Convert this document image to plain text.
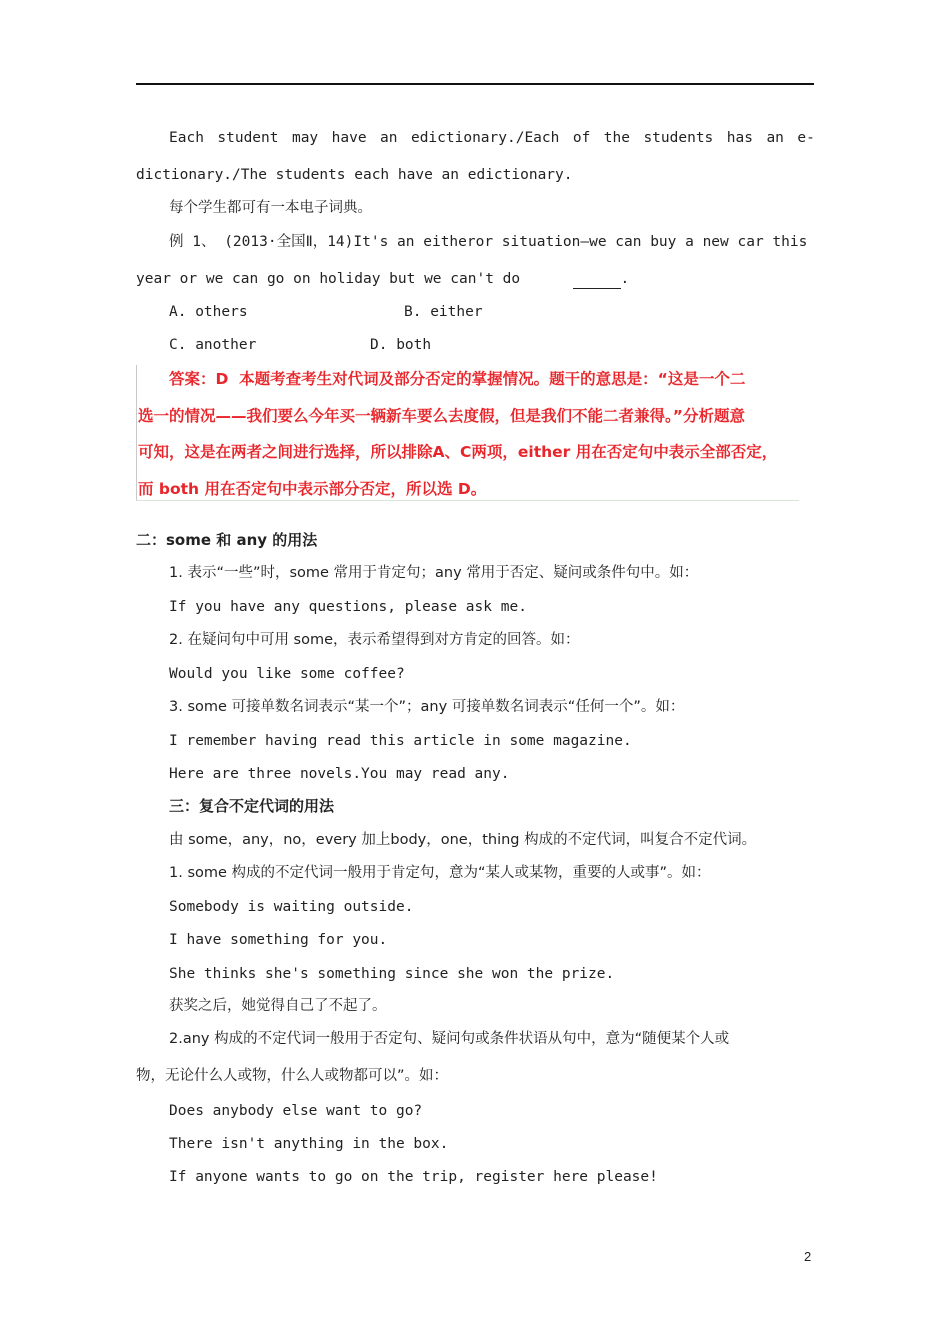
Each student may have an edictionary./Each of the students has an e-
dictionary./The students each have an edictionary.
每个学生都可有一本电子词典。
例 1、 (2013·全国Ⅱ，14)It's an eitheror situation—we can buy a new car this
year or we can go on holiday but we can't do	.
A. others	B. either
C. another	D. both
答案：D  本题考查考生对代词及部分否定的掌握情况。题干的意思是：“这是一个二
选一的情况——我们要么今年买一辆新车要么去度假，但是我们不能二者兼得。”分析题意
可知，这是在两者之间进行选择，所以排除A、C两项，either 用在否定句中表示全部否定，
而 both 用在否定句中表示部分否定，所以选 D。
二：some 和 any 的用法
1. 表示“一些”时，some 常用于肯定句；any 常用于否定、疑问或条件句中。如：
If you have any questions, please ask me.
2. 在疑问句中可用 some，表示希望得到对方肯定的回答。如：
Would you like some coffee?
3. some 可接单数名词表示“某一个”；any 可接单数名词表示“任何一个”。如：
I remember having read this article in some magazine.
Here are three novels.You may read any.
三：复合不定代词的用法
由 some，any，no，every 加上body，one，thing 构成的不定代词，叫复合不定代词。
1. some 构成的不定代词一般用于肯定句，意为“某人或某物，重要的人或事”。如：
Somebody is waiting outside.
I have something for you.
She thinks she's something since she won the prize.
获奖之后，她觉得自己了不起了。
2.any 构成的不定代词一般用于否定句、疑问句或条件状语从句中，意为“随便某个人或
物，无论什么人或物，什么人或物都可以”。如：
Does anybody else want to go?
There isn't anything in the box.
If anyone wants to go on the trip, register here please!
2
